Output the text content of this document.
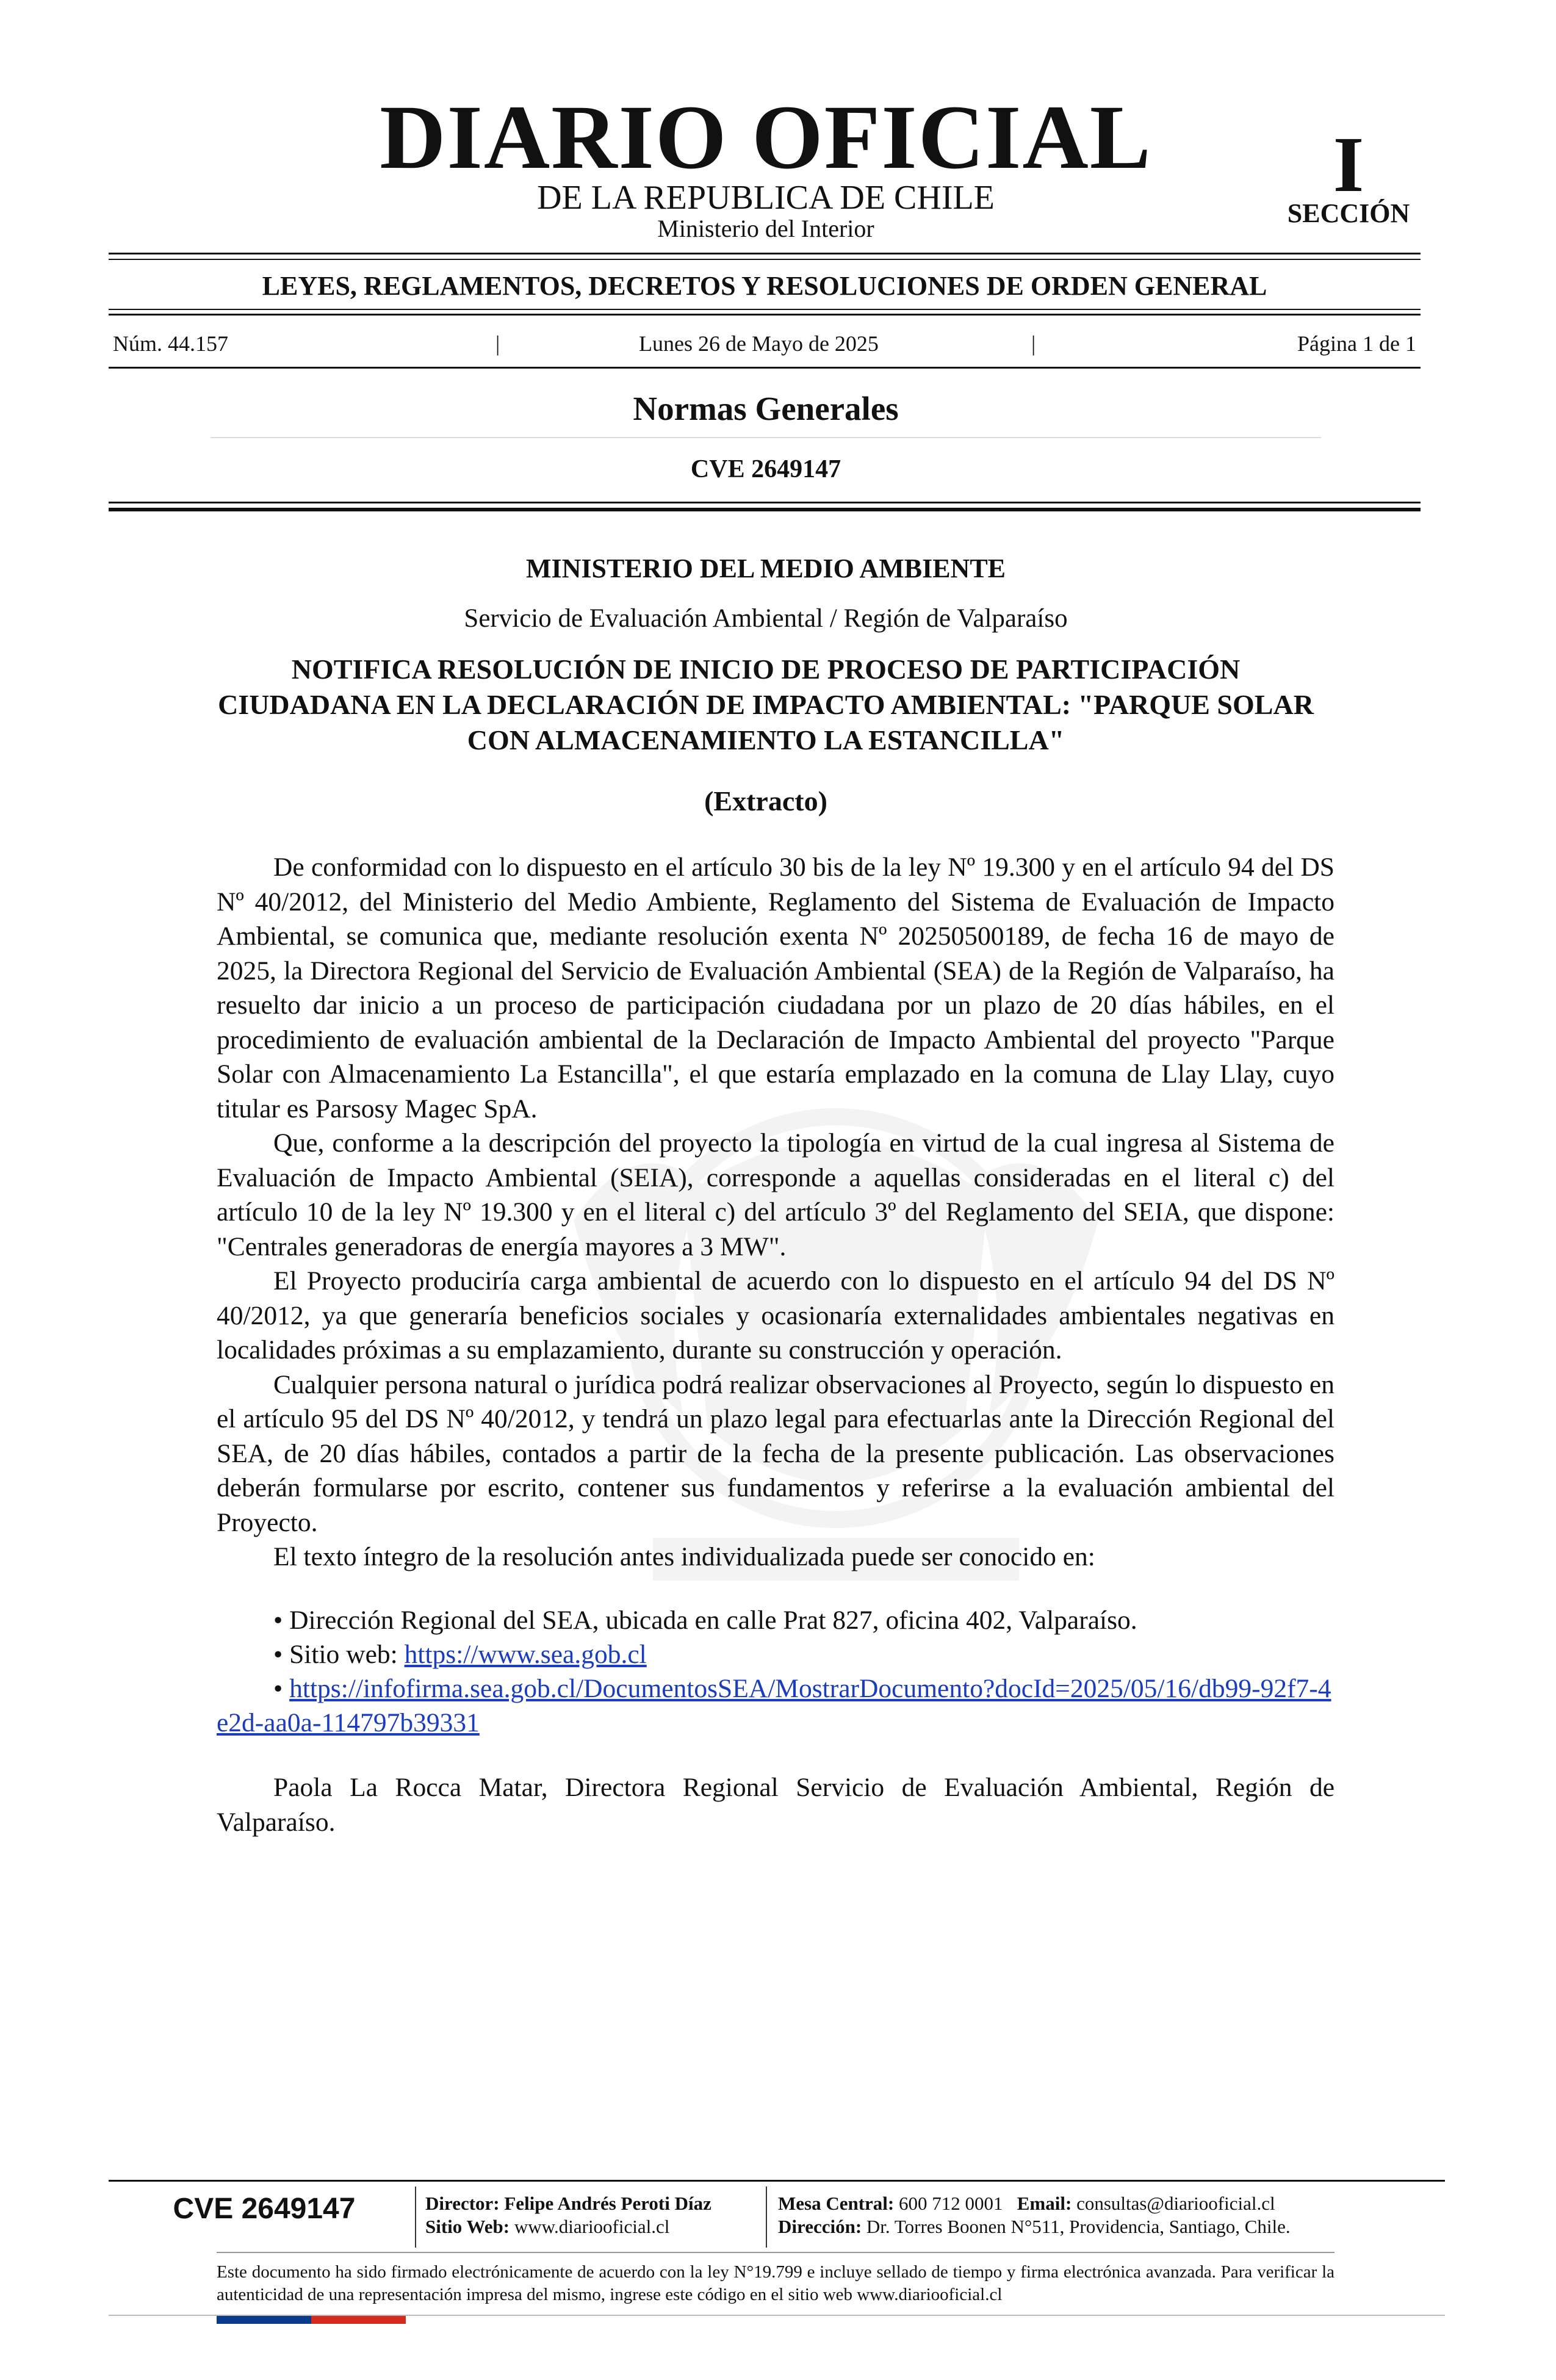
DIARIO OFICIAL
DE LA REPUBLICA DE CHILE
Ministerio del Interior
I
SECCIÓN
LEYES, REGLAMENTOS, DECRETOS Y RESOLUCIONES DE ORDEN GENERAL
Núm. 44.157	|	Lunes 26 de Mayo de 2025	|	Página 1 de 1
Normas Generales
CVE 2649147
MINISTERIO DEL MEDIO AMBIENTE
Servicio de Evaluación Ambiental / Región de Valparaíso
NOTIFICA RESOLUCIÓN DE INICIO DE PROCESO DE PARTICIPACIÓN CIUDADANA EN LA DECLARACIÓN DE IMPACTO AMBIENTAL: "PARQUE SOLAR CON ALMACENAMIENTO LA ESTANCILLA"
(Extracto)

De conformidad con lo dispuesto en el artículo 30 bis de la ley Nº 19.300 y en el artículo 94 del DS Nº 40/2012, del Ministerio del Medio Ambiente, Reglamento del Sistema de Evaluación de Impacto Ambiental, se comunica que, mediante resolución exenta Nº 20250500189, de fecha 16 de mayo de 2025, la Directora Regional del Servicio de Evaluación Ambiental (SEA) de la Región de Valparaíso, ha resuelto dar inicio a un proceso de participación ciudadana por un plazo de 20 días hábiles, en el procedimiento de evaluación ambiental de la Declaración de Impacto Ambiental del proyecto "Parque Solar con Almacenamiento La Estancilla", el que estaría emplazado en la comuna de Llay Llay, cuyo titular es Parsosy Magec SpA.

Que, conforme a la descripción del proyecto la tipología en virtud de la cual ingresa al Sistema de Evaluación de Impacto Ambiental (SEIA), corresponde a aquellas consideradas en el literal c) del artículo 10 de la ley Nº 19.300 y en el literal c) del artículo 3º del Reglamento del SEIA, que dispone: "Centrales generadoras de energía mayores a 3 MW".

El Proyecto produciría carga ambiental de acuerdo con lo dispuesto en el artículo 94 del DS Nº 40/2012, ya que generaría beneficios sociales y ocasionaría externalidades ambientales negativas en localidades próximas a su emplazamiento, durante su construcción y operación.

Cualquier persona natural o jurídica podrá realizar observaciones al Proyecto, según lo dispuesto en el artículo 95 del DS Nº 40/2012, y tendrá un plazo legal para efectuarlas ante la Dirección Regional del SEA, de 20 días hábiles, contados a partir de la fecha de la presente publicación. Las observaciones deberán formularse por escrito, contener sus fundamentos y referirse a la evaluación ambiental del Proyecto.

El texto íntegro de la resolución antes individualizada puede ser conocido en:

• Dirección Regional del SEA, ubicada en calle Prat 827, oficina 402, Valparaíso.

• Sitio web: https://www.sea.gob.cl

• https://infofirma.sea.gob.cl/DocumentosSEA/MostrarDocumento?docId=2025/05/16/db99-92f7-4e2d-aa0a-114797b39331

Paola La Rocca Matar, Directora Regional Servicio de Evaluación Ambiental, Región de Valparaíso.

CVE 2649147	Director: Felipe Andrés Peroti Díaz
Sitio Web: www.diariooficial.cl
Mesa Central: 600 712 0001 Email: consultas@diariooficial.cl
Dirección: Dr. Torres Boonen N°511, Providencia, Santiago, Chile.
Este documento ha sido firmado electrónicamente de acuerdo con la ley N°19.799 e incluye sellado de tiempo y firma electrónica avanzada. Para verificar la autenticidad de una representación impresa del mismo, ingrese este código en el sitio web www.diariooficial.cl
